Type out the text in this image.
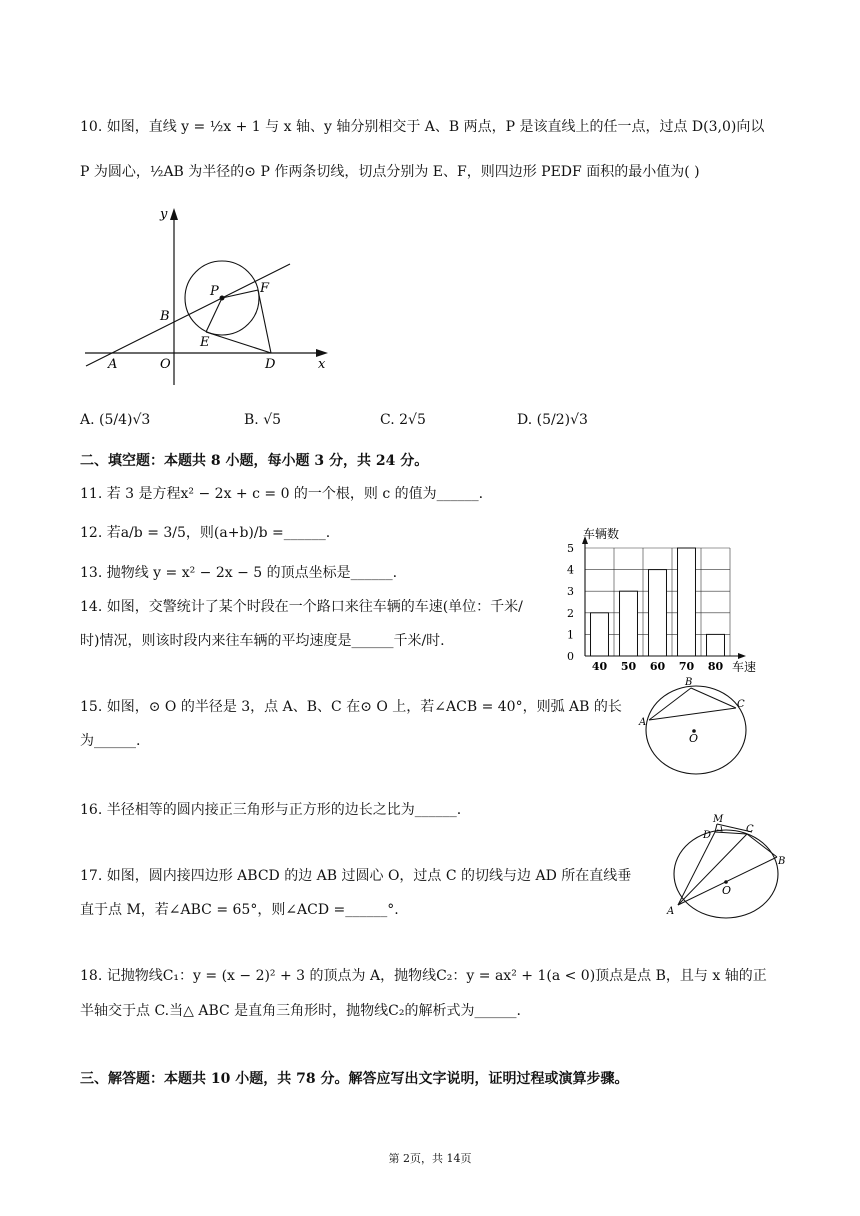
10. 如图，直线 y = ½x + 1 与 x 轴、y 轴分别相交于 A、B 两点，P 是该直线上的任一点，过点 D(3,0)向以
P 为圆心，½AB 为半径的⊙ P 作两条切线，切点分别为 E、F，则四边形 PEDF 面积的最小值为( )
y
x
A	O
B
P	F
E
D
A. (5/4)√3	B. √5	C. 2√5	D. (5/2)√3
二、填空题：本题共 8 小题，每小题 3 分，共 24 分。
11. 若 3 是方程x² − 2x + c = 0 的一个根，则 c 的值为______.
12. 若a/b = 3/5，则(a+b)/b =______.
13. 抛物线 y = x² − 2x − 5 的顶点坐标是______.
14. 如图，交警统计了某个时段在一个路口来往车辆的车速(单位：千米/
时)情况，则该时段内来往车辆的平均速度是______千米/时.
0
1
2
3
4
5
40 50 60 70 80
车辆数
车速
15. 如图，⊙ O 的半径是 3，点 A、B、C 在⊙ O 上，若∠ACB = 40°，则弧 AB 的长
为______.
B
C
A
O
16. 半径相等的圆内接正三角形与正方形的边长之比为______.
17. 如图，圆内接四边形 ABCD 的边 AB 过圆心 O，过点 C 的切线与边 AD 所在直线垂
直于点 M，若∠ABC = 65°，则∠ACD =______°.
M
D
C
B
A
O
18. 记抛物线C₁：y = (x − 2)² + 3 的顶点为 A，抛物线C₂：y = ax² + 1(a < 0)顶点是点 B，且与 x 轴的正
半轴交于点 C.当△ ABC 是直角三角形时，抛物线C₂的解析式为______.
三、解答题：本题共 10 小题，共 78 分。解答应写出文字说明，证明过程或演算步骤。
第 2页，共 14页
